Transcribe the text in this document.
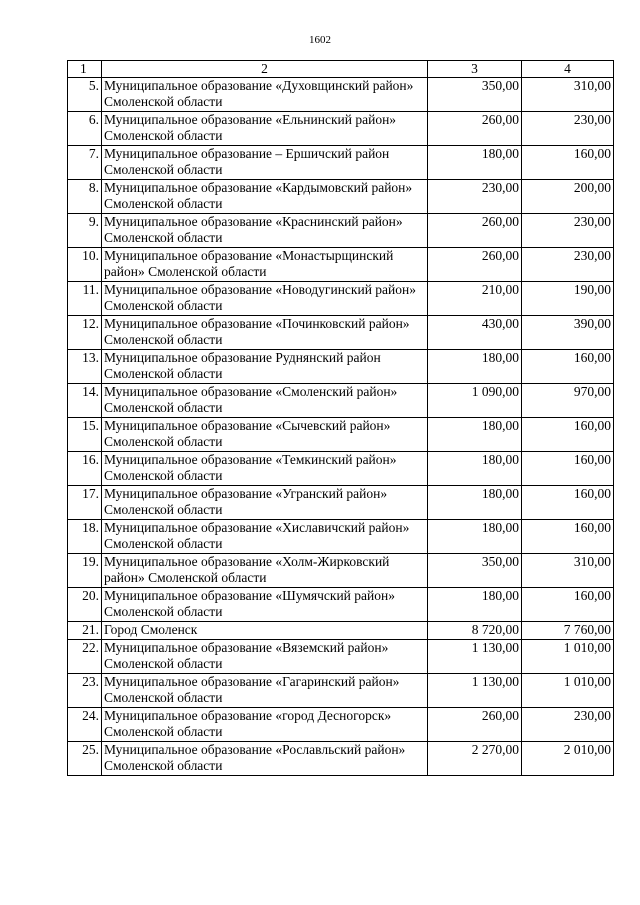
1602
1	2	3	4
5.	Муниципальное образование «Духовщинский район» Смоленской области	350,00	310,00
6.	Муниципальное образование «Ельнинский район» Смоленской области	260,00	230,00
7.	Муниципальное образование – Ершичский район Смоленской области	180,00	160,00
8.	Муниципальное образование «Кардымовский район» Смоленской области	230,00	200,00
9.	Муниципальное образование «Краснинский район» Смоленской области	260,00	230,00
10.	Муниципальное образование «Монастырщинский район» Смоленской области	260,00	230,00
11.	Муниципальное образование «Новодугинский район» Смоленской области	210,00	190,00
12.	Муниципальное образование «Починковский район» Смоленской области	430,00	390,00
13.	Муниципальное образование Руднянский район Смоленской области	180,00	160,00
14.	Муниципальное образование «Смоленский район» Смоленской области	1 090,00	970,00
15.	Муниципальное образование «Сычевский район» Смоленской области	180,00	160,00
16.	Муниципальное образование «Темкинский район» Смоленской области	180,00	160,00
17.	Муниципальное образование «Угранский район» Смоленской области	180,00	160,00
18.	Муниципальное образование «Хиславичский район» Смоленской области	180,00	160,00
19.	Муниципальное образование «Холм-Жирковский район» Смоленской области	350,00	310,00
20.	Муниципальное образование «Шумячский район» Смоленской области	180,00	160,00
21.	Город Смоленск	8 720,00	7 760,00
22.	Муниципальное образование «Вяземский район» Смоленской области	1 130,00	1 010,00
23.	Муниципальное образование «Гагаринский район» Смоленской области	1 130,00	1 010,00
24.	Муниципальное образование «город Десногорск» Смоленской области	260,00	230,00
25.	Муниципальное образование «Рославльский район» Смоленской области	2 270,00	2 010,00
